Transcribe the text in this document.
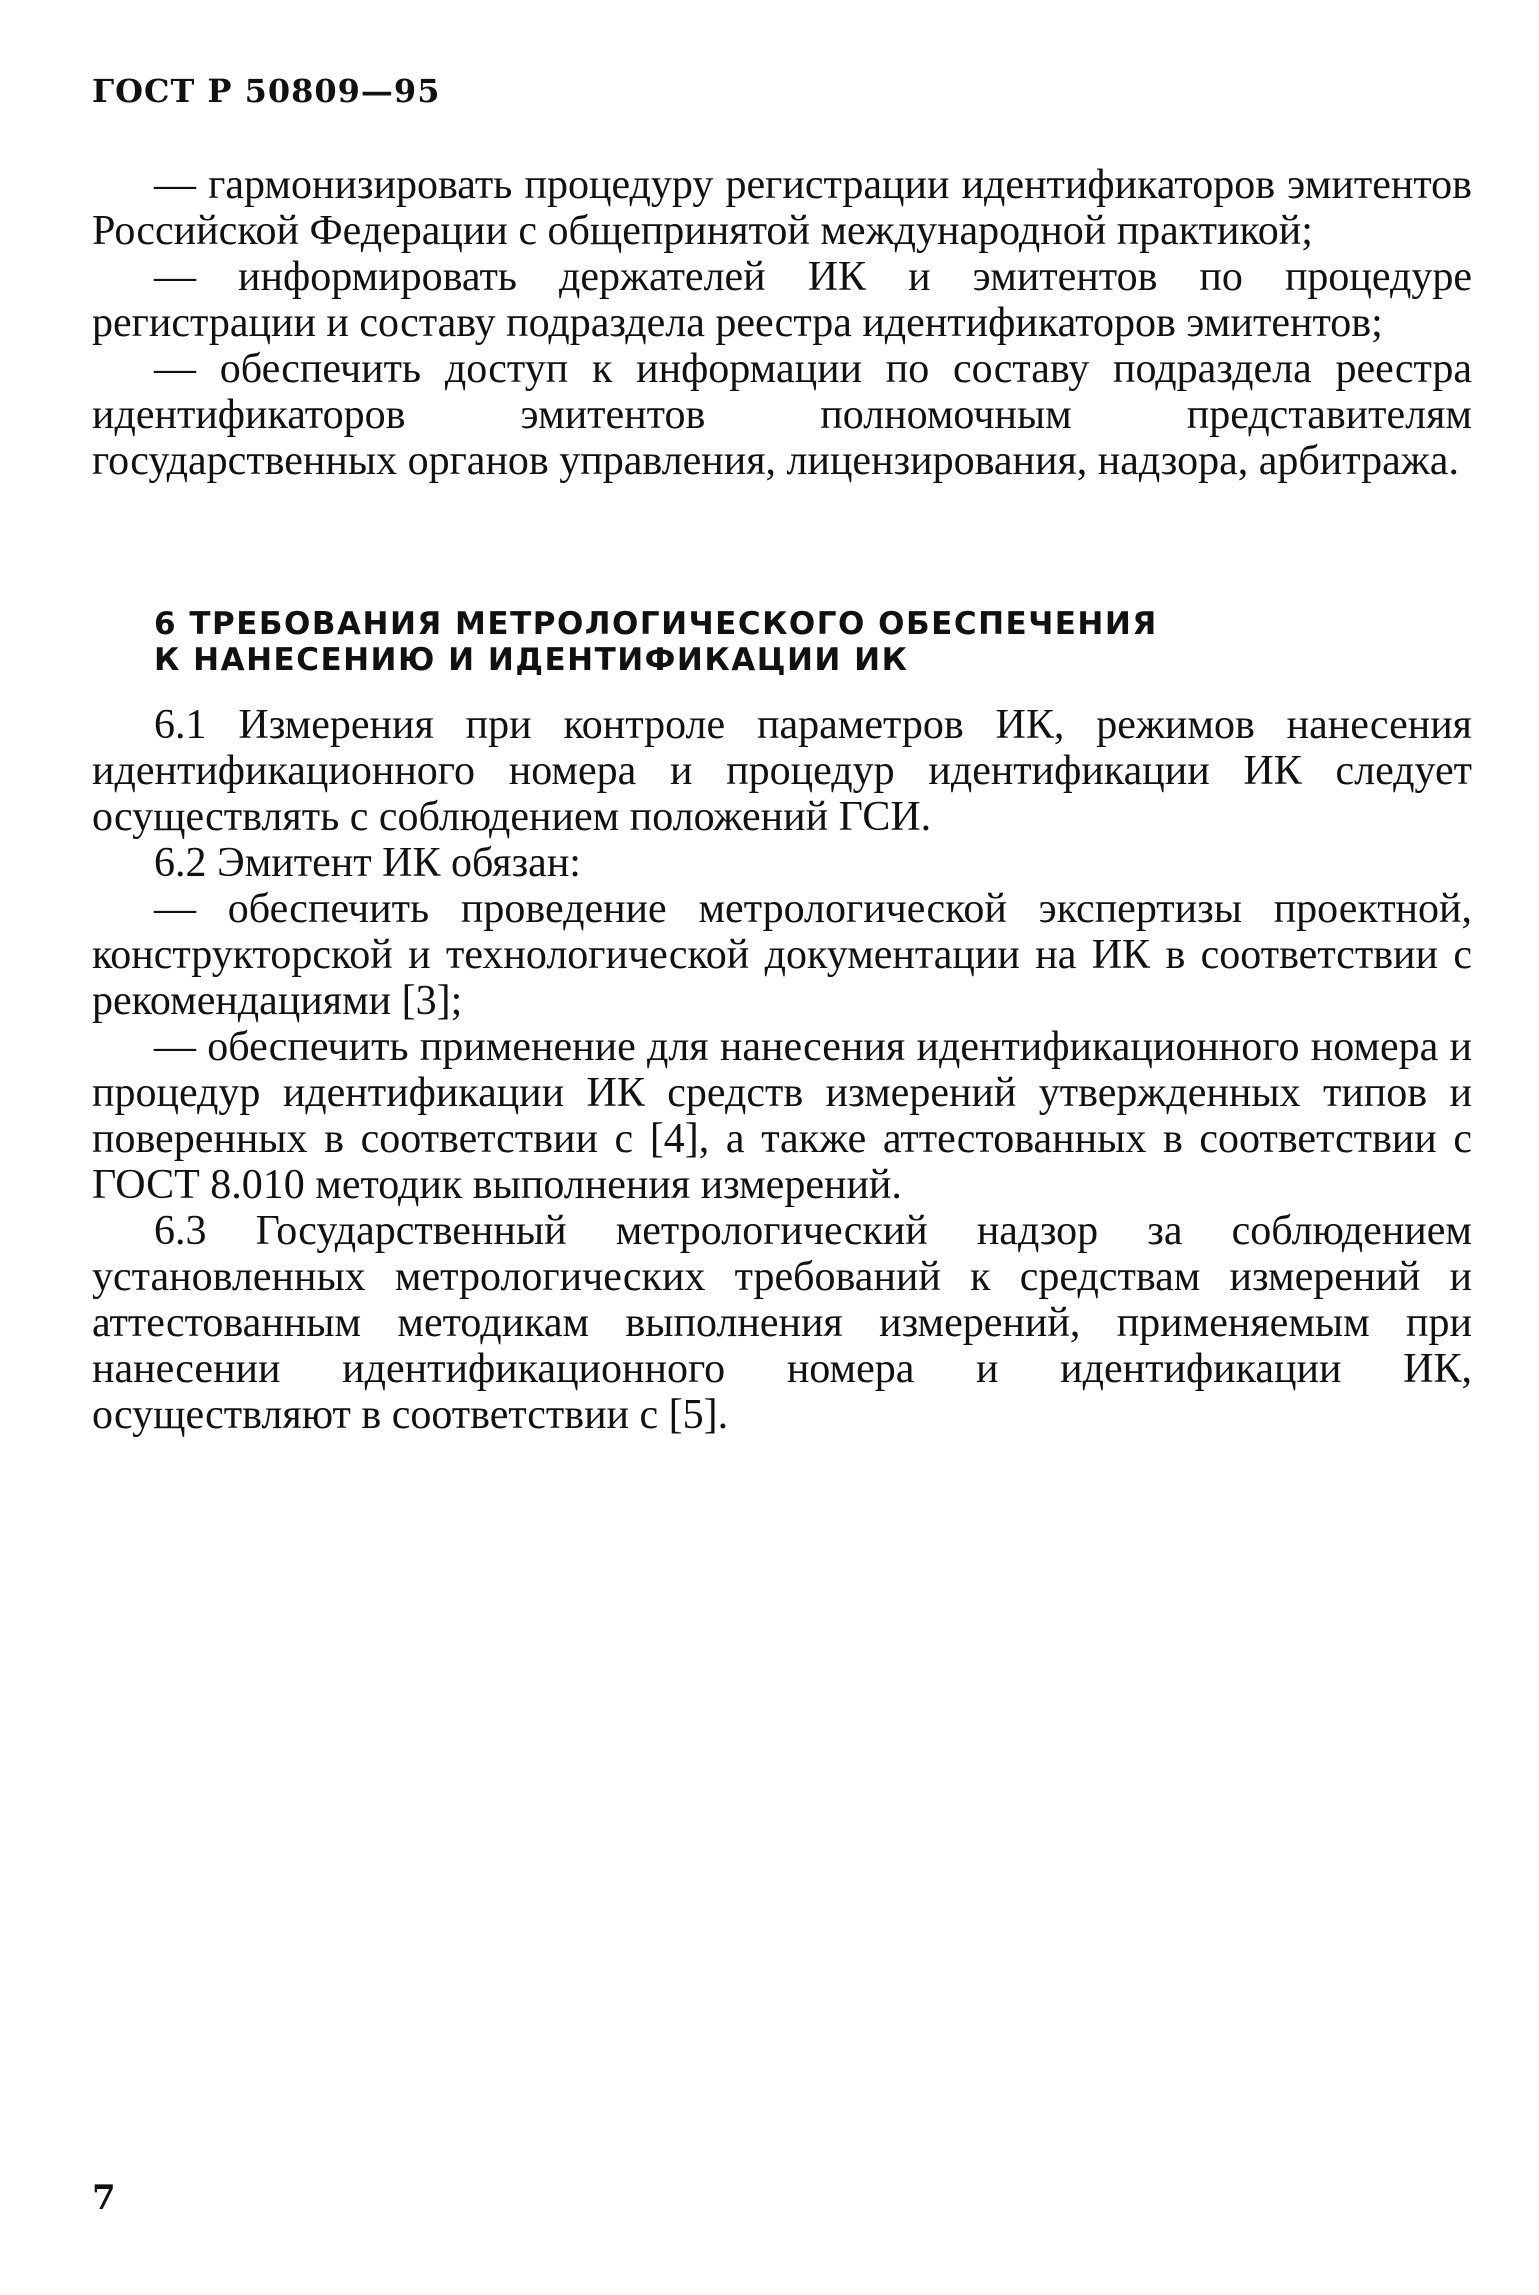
ГОСТ Р 50809—95

— гармонизировать процедуру регистрации идентификаторов эмитентов Российской Федерации с общепринятой международной практикой;

— информировать держателей ИК и эмитентов по процедуре регистрации и составу подраздела реестра идентификаторов эмитентов;

— обеспечить доступ к информации по составу подраздела реестра идентификаторов эмитентов полномочным представителям государственных органов управления, лицензирования, надзора, арбитража.

6 ТРЕБОВАНИЯ МЕТРОЛОГИЧЕСКОГО ОБЕСПЕЧЕНИЯ
К НАНЕСЕНИЮ И ИДЕНТИФИКАЦИИ ИК

6.1 Измерения при контроле параметров ИК, режимов нанесения идентификационного номера и процедур идентификации ИК следует осуществлять с соблюдением положений ГСИ.

6.2 Эмитент ИК обязан:

— обеспечить проведение метрологической экспертизы проектной, конструкторской и технологической документации на ИК в соответствии с рекомендациями [3];

— обеспечить применение для нанесения идентификационного номера и процедур идентификации ИК средств измерений утвержденных типов и поверенных в соответствии с [4], а также аттестованных в соответствии с ГОСТ 8.010 методик выполнения измерений.

6.3 Государственный метрологический надзор за соблюдением установленных метрологических требований к средствам измерений и аттестованным методикам выполнения измерений, применяемым при нанесении идентификационного номера и идентификации ИК, осуществляют в соответствии с [5].

7
